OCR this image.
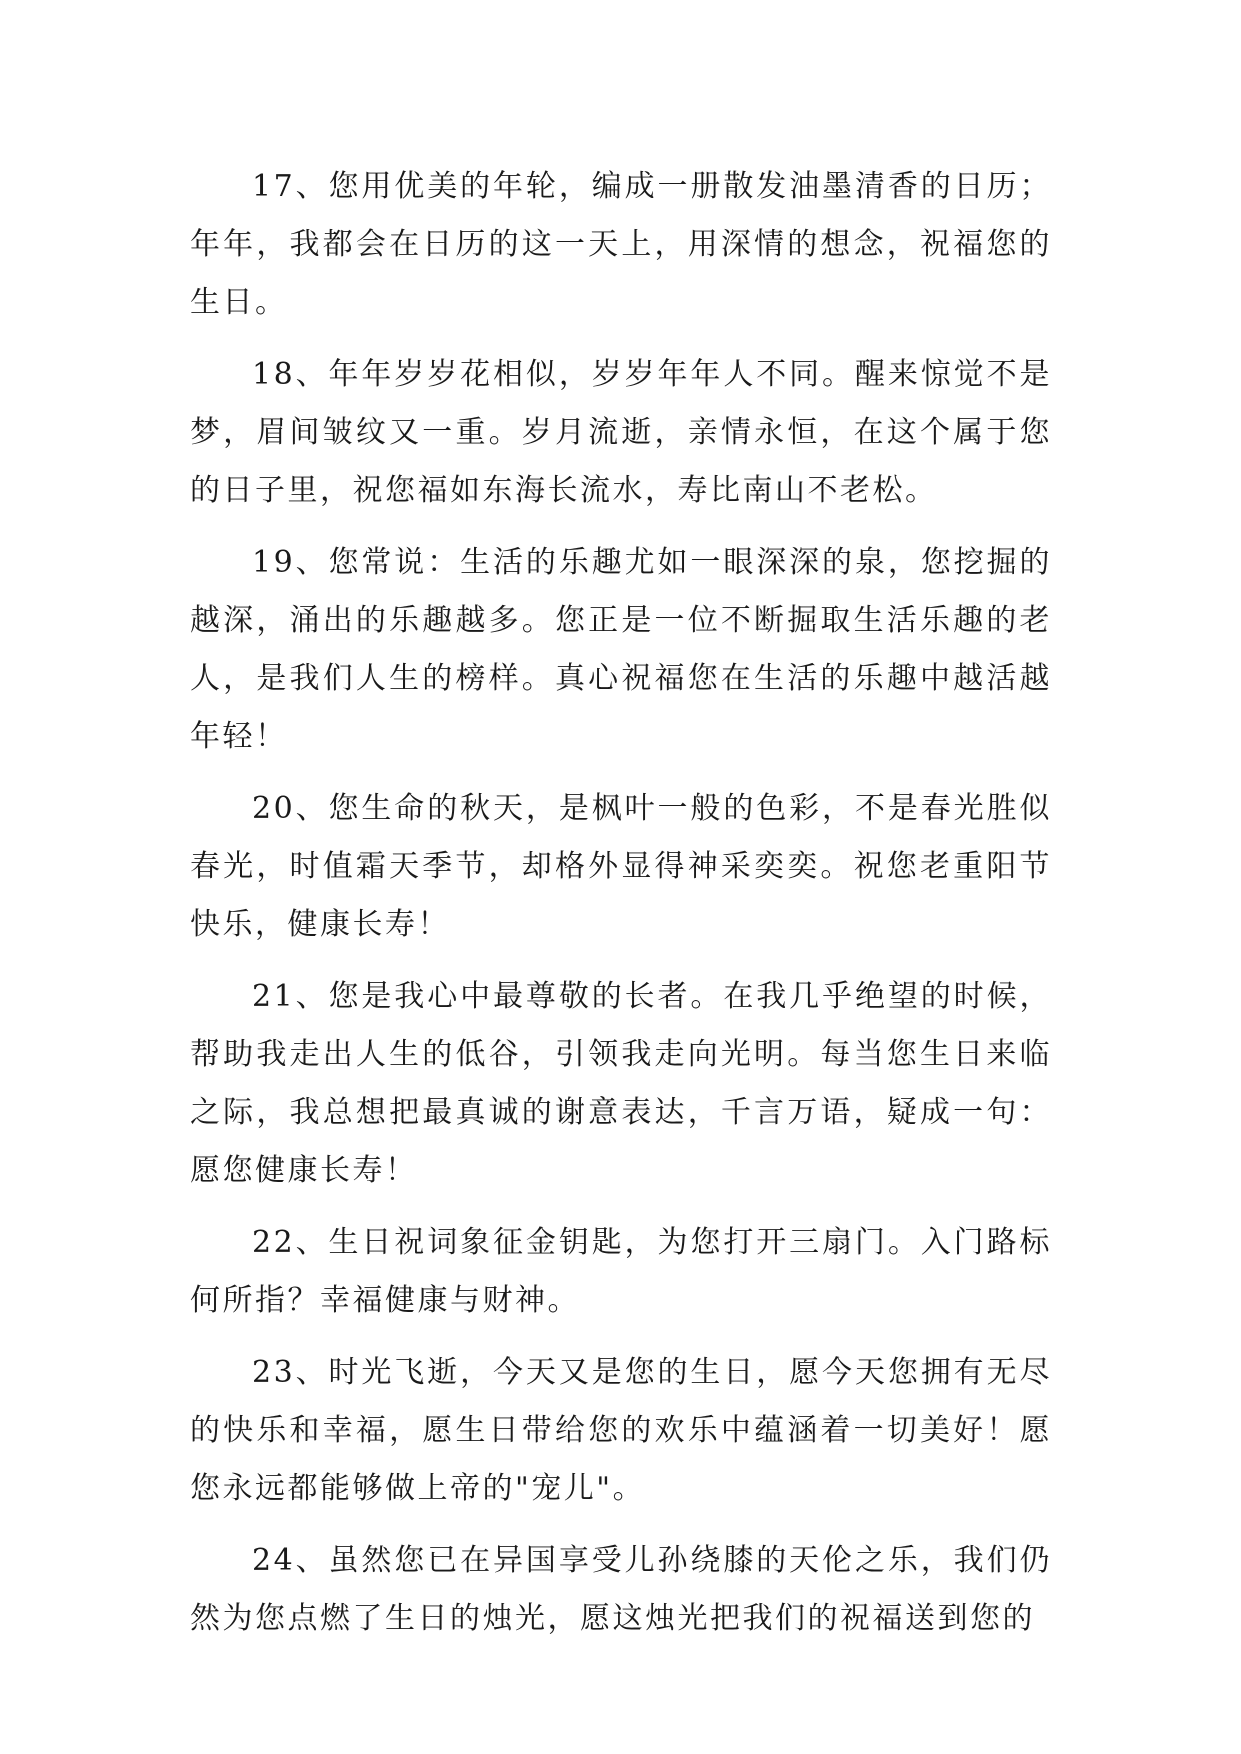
17、您用优美的年轮，编成一册散发油墨清香的日历；年年，我都会在日历的这一天上，用深情的想念，祝福您的生日。

18、年年岁岁花相似，岁岁年年人不同。醒来惊觉不是梦，眉间皱纹又一重。岁月流逝，亲情永恒，在这个属于您的日子里，祝您福如东海长流水，寿比南山不老松。

19、您常说：生活的乐趣尤如一眼深深的泉，您挖掘的越深，涌出的乐趣越多。您正是一位不断掘取生活乐趣的老人，是我们人生的榜样。真心祝福您在生活的乐趣中越活越年轻！

20、您生命的秋天，是枫叶一般的色彩，不是春光胜似春光，时值霜天季节，却格外显得神采奕奕。祝您老重阳节快乐，健康长寿！

21、您是我心中最尊敬的长者。在我几乎绝望的时候，帮助我走出人生的低谷，引领我走向光明。每当您生日来临之际，我总想把最真诚的谢意表达，千言万语，疑成一句：愿您健康长寿！

22、生日祝词象征金钥匙，为您打开三扇门。入门路标何所指？幸福健康与财神。

23、时光飞逝，今天又是您的生日，愿今天您拥有无尽的快乐和幸福，愿生日带给您的欢乐中蕴涵着一切美好！愿您永远都能够做上帝的"宠儿"。

24、虽然您已在异国享受儿孙绕膝的天伦之乐，我们仍然为您点燃了生日的烛光，愿这烛光把我们的祝福送到您的
